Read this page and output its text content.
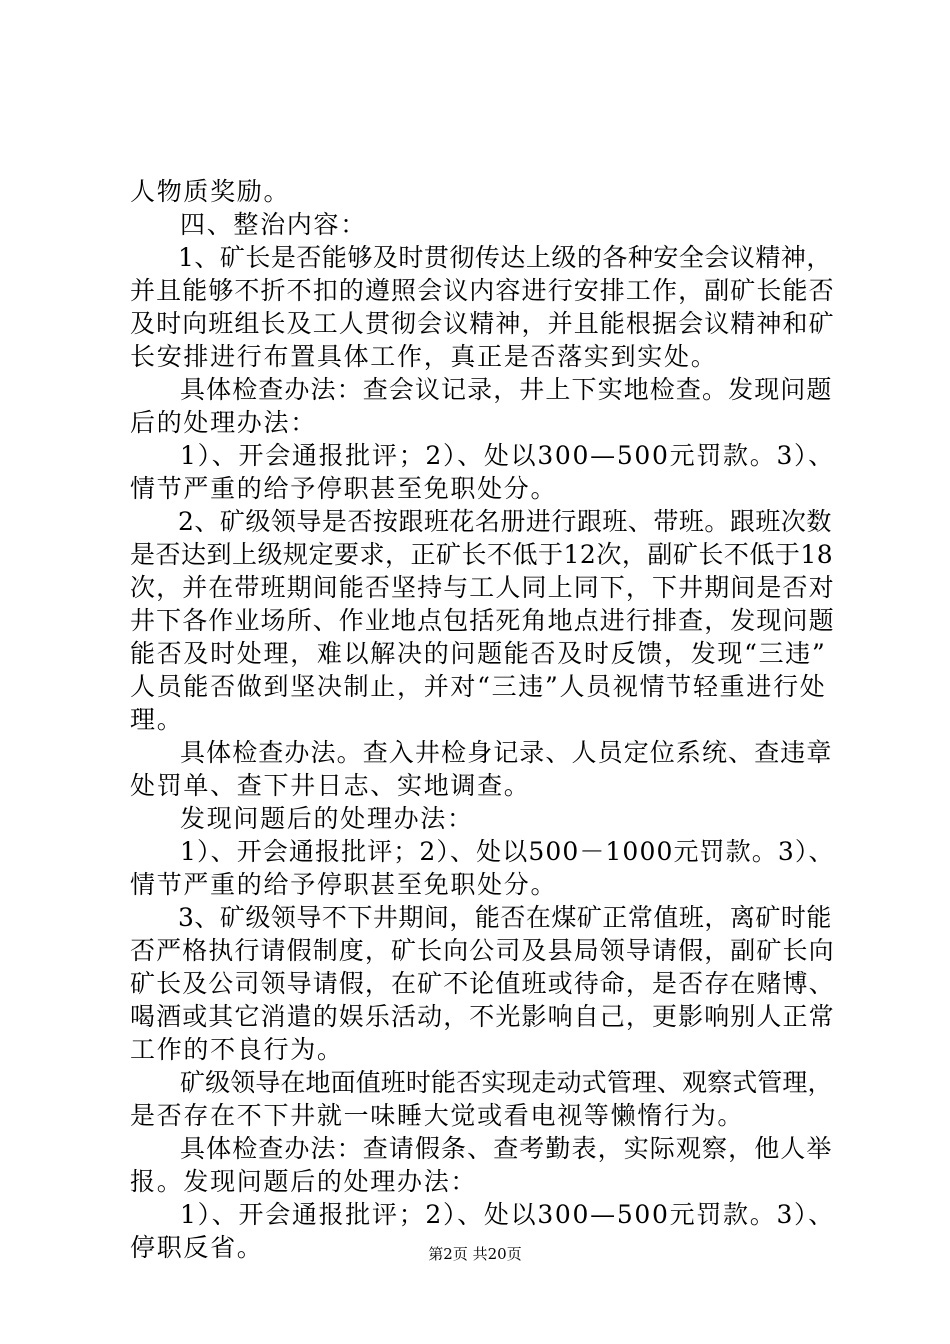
人物质奖励。
四、整治内容：
1、矿长是否能够及时贯彻传达上级的各种安全会议精神，
并且能够不折不扣的遵照会议内容进行安排工作，副矿长能否
及时向班组长及工人贯彻会议精神，并且能根据会议精神和矿
长安排进行布置具体工作，真正是否落实到实处。
具体检查办法：查会议记录，井上下实地检查。发现问题
后的处理办法：
1）、开会通报批评；2）、处以300—500元罚款。3）、
情节严重的给予停职甚至免职处分。
2、矿级领导是否按跟班花名册进行跟班、带班。跟班次数
是否达到上级规定要求，正矿长不低于12次，副矿长不低于18
次，并在带班期间能否坚持与工人同上同下，下井期间是否对
井下各作业场所、作业地点包括死角地点进行排查，发现问题
能否及时处理，难以解决的问题能否及时反馈，发现“三违”
人员能否做到坚决制止，并对“三违”人员视情节轻重进行处
理。
具体检查办法。查入井检身记录、人员定位系统、查违章
处罚单、查下井日志、实地调查。
发现问题后的处理办法：
1）、开会通报批评；2）、处以500－1000元罚款。3）、
情节严重的给予停职甚至免职处分。
3、矿级领导不下井期间，能否在煤矿正常值班，离矿时能
否严格执行请假制度，矿长向公司及县局领导请假，副矿长向
矿长及公司领导请假，在矿不论值班或待命，是否存在赌博、
喝酒或其它消遣的娱乐活动，不光影响自己，更影响别人正常
工作的不良行为。
矿级领导在地面值班时能否实现走动式管理、观察式管理，
是否存在不下井就一味睡大觉或看电视等懒惰行为。
具体检查办法：查请假条、查考勤表，实际观察，他人举
报。发现问题后的处理办法：
1）、开会通报批评；2）、处以300—500元罚款。3）、
停职反省。	第2页 共20页
